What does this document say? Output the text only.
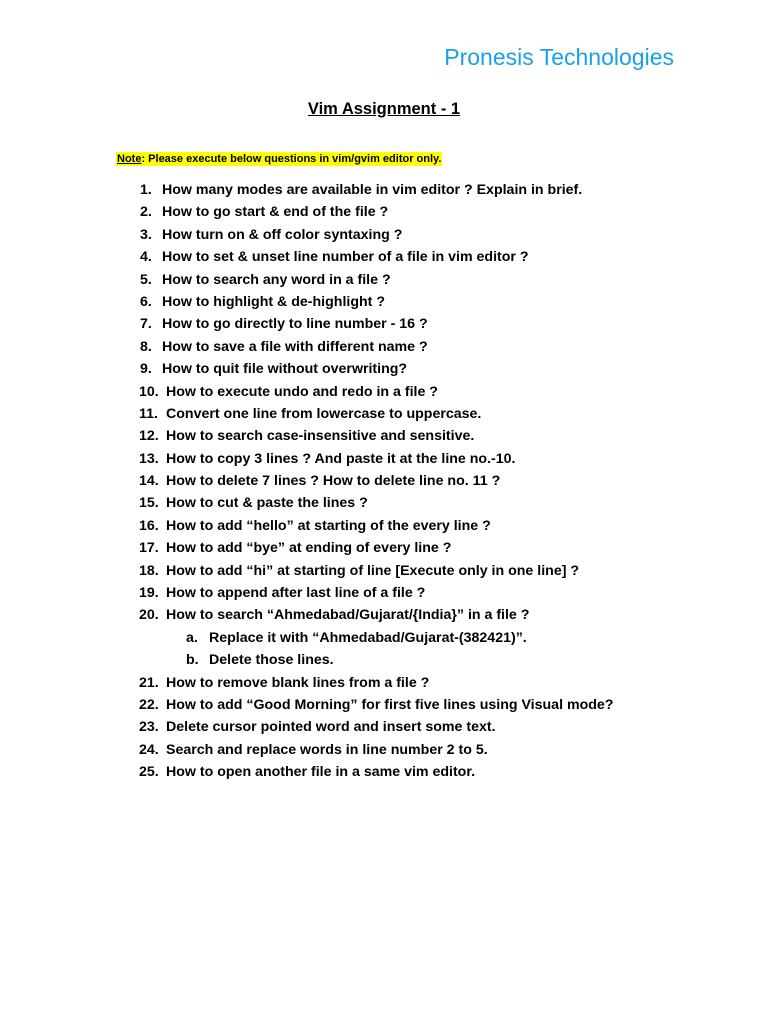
Pronesis Technologies
Vim Assignment - 1
Note: Please execute below questions in vim/gvim editor only.
1. How many modes are available in vim editor ? Explain in brief.
2. How to go start & end of the file ?
3. How turn on & off color syntaxing ?
4. How to set & unset line number of a file in vim editor ?
5. How to search any word in a file ?
6. How to highlight & de-highlight ?
7. How to go directly to line number - 16 ?
8. How to save a file with different name ?
9. How to quit file without overwriting?
10. How to execute undo and redo in a file ?
11. Convert one line from lowercase to uppercase.
12. How to search case-insensitive and sensitive.
13. How to copy 3 lines ? And paste it at the line no.-10.
14. How to delete 7 lines ? How to delete line no. 11 ?
15. How to cut & paste the lines ?
16. How to add “hello” at starting of the every line ?
17. How to add “bye” at ending of every line ?
18. How to add “hi” at starting of line [Execute only in one line] ?
19. How to append after last line of a file ?
20. How to search “Ahmedabad/Gujarat/{India}” in a file ?
a. Replace it with “Ahmedabad/Gujarat-(382421)”.
b. Delete those lines.
21. How to remove blank lines from a file ?
22. How to add “Good Morning” for first five lines using Visual mode?
23. Delete cursor pointed word and insert some text.
24. Search and replace words in line number 2 to 5.
25. How to open another file in a same vim editor.
